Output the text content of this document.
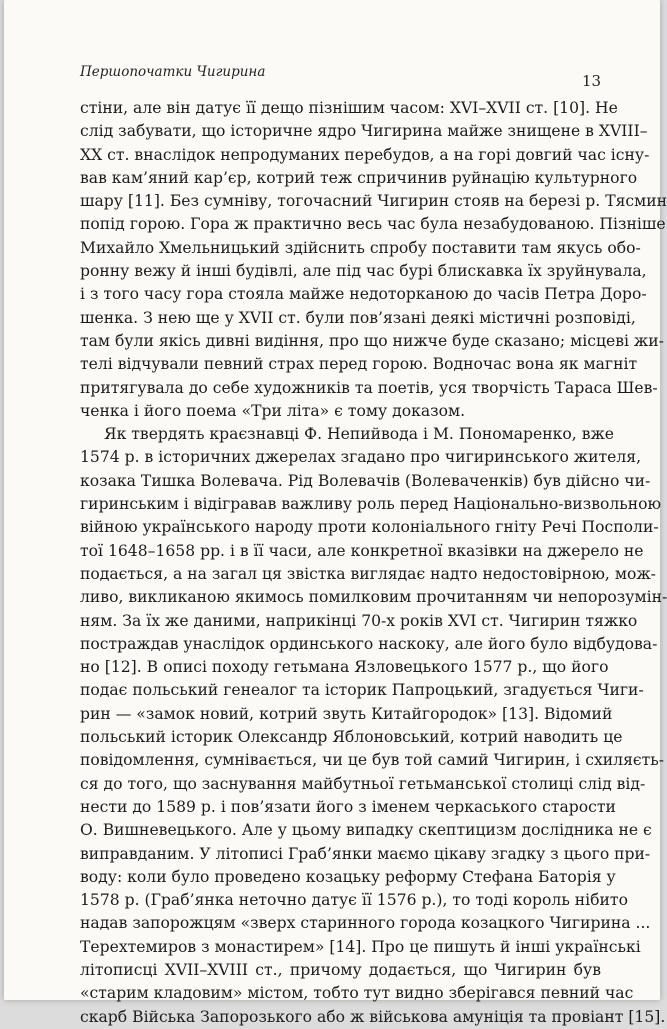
Першопочатки Чигирина	13
стіни, але він датує її дещо пізнішим часом: XVI–XVII ст. [10]. Не
слід забувати, що історичне ядро Чигирина майже знищене в XVIII–
XX ст. внаслідок непродуманих перебудов, а на горі довгий час існу-
вав кам’яний кар’єр, котрий теж спричинив руйнацію культурного
шару [11]. Без сумніву, тогочасний Чигирин стояв на березі р. Тясмин
попід горою. Гора ж практично весь час була незабудованою. Пізніше
Михайло Хмельницький здійснить спробу поставити там якусь обо-
ронну вежу й інші будівлі, але під час бурі блискавка їх зруйнувала,
і з того часу гора стояла майже недоторканою до часів Петра Доро-
шенка. З нею ще у XVII ст. були пов’язані деякі містичні розповіді,
там були якісь дивні видіння, про що нижче буде сказано; місцеві жи-
телі відчували певний страх перед горою. Водночас вона як магніт
притягувала до себе художників та поетів, уся творчість Тараса Шев-
ченка і його поема «Три літа» є тому доказом.
Як твердять краєзнавці Ф. Непийвода і М. Пономаренко, вже
1574 р. в історичних джерелах згадано про чигиринського жителя,
козака Тишка Волевача. Рід Волевачів (Волеваченків) був дійсно чи-
гиринським і відігравав важливу роль перед Національно-визвольною
війною українського народу проти колоніального гніту Речі Посполи-
тої 1648–1658 рр. і в її часи, але конкретної вказівки на джерело не
подається, а на загал ця звістка виглядає надто недостовірною, мож-
ливо, викликаною якимось помилковим прочитанням чи непорозумін-
ням. За їх же даними, наприкінці 70-х років XVI ст. Чигирин тяжко
постраждав унаслідок ординського наскоку, але його було відбудова-
но [12]. В описі походу гетьмана Язловецького 1577 р., що його
подає польський генеалог та історик Папроцький, згадується Чиги-
рин — «замок новий, котрий звуть Китайгородок» [13]. Відомий
польський історик Олександр Яблоновський, котрий наводить це
повідомлення, сумнівається, чи це був той самий Чигирин, і схиляєть-
ся до того, що заснування майбутньої гетьманської столиці слід від-
нести до 1589 р. і пов’язати його з іменем черкаського старости
О. Вишневецького. Але у цьому випадку скептицизм дослідника не є
виправданим. У літописі Граб’янки маємо цікаву згадку з цього при-
воду: коли було проведено козацьку реформу Стефана Баторія у
1578 р. (Граб’янка неточно датує її 1576 р.), то тоді король нібито
надав запорожцям «зверх старинного города козацкого Чигирина ...
Терехтемиров з монастирем» [14]. Про це пишуть й інші українські
літописці XVII–XVIII ст., причому додається, що Чигирин був
«старим кладовим» містом, тобто тут видно зберігався певний час
скарб Війська Запорозького або ж військова амуніція та провіант [15].
